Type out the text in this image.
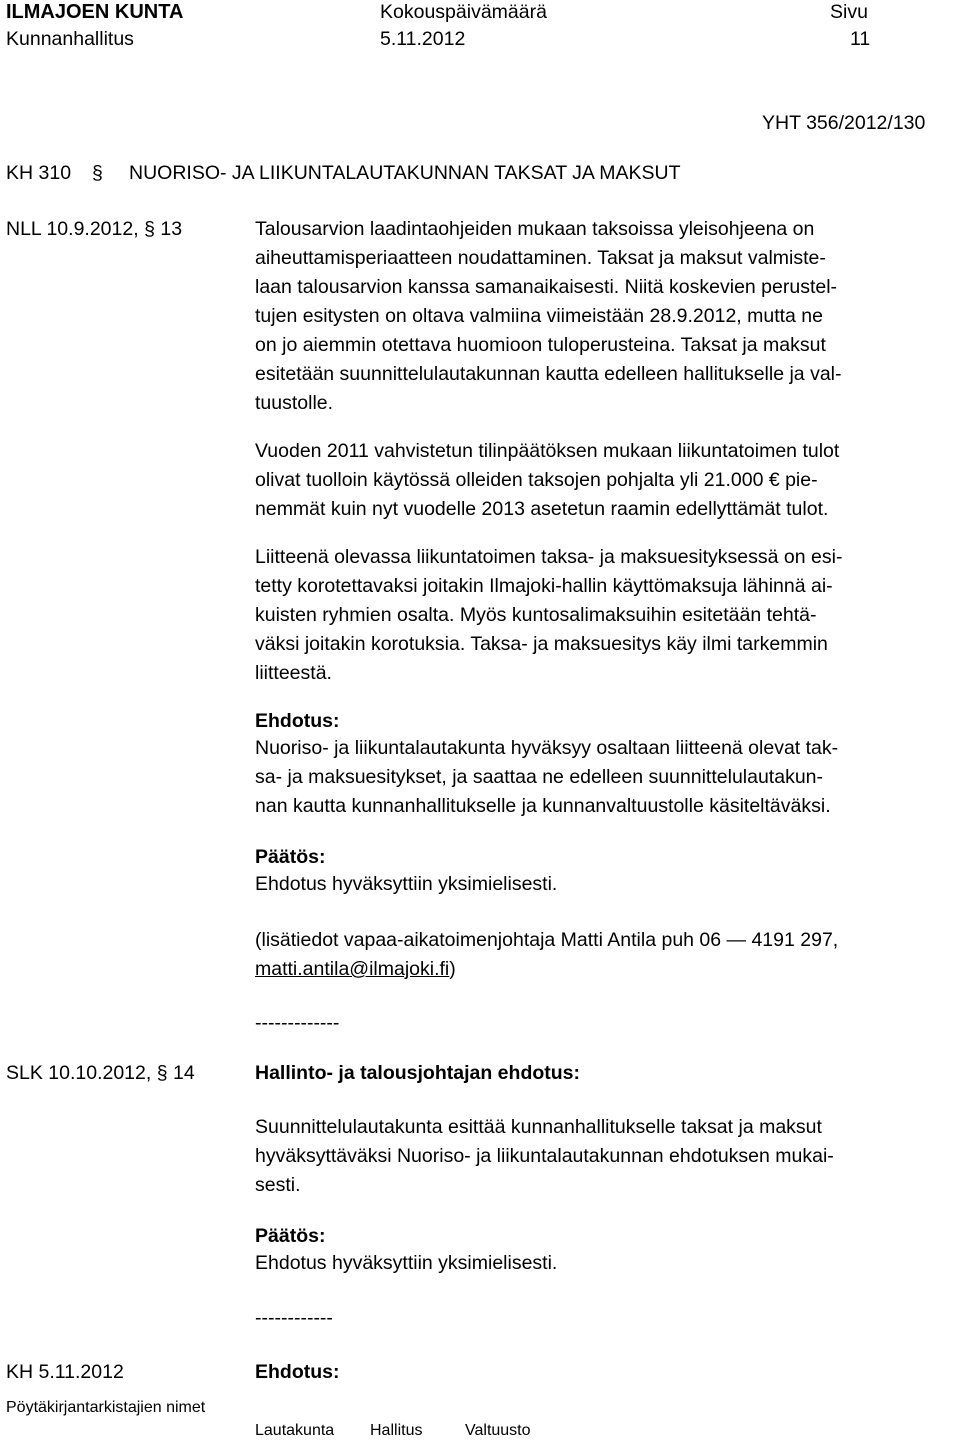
ILMAJOEN KUNTA
Kunnanhallitus
Kokouspäivämäärä
5.11.2012
Sivu
11
YHT 356/2012/130
KH 310 § NUORISO- JA LIIKUNTALAUTAKUNNAN TAKSAT JA MAKSUT
NLL 10.9.2012, § 13	Talousarvion laadintaohjeiden mukaan taksoissa yleisohjeena on

aiheuttamisperiaatteen noudattaminen. Taksat ja maksut valmiste-

laan talousarvion kanssa samanaikaisesti. Niitä koskevien perustel-

tujen esitysten on oltava valmiina viimeistään 28.9.2012, mutta ne

on jo aiemmin otettava huomioon tuloperusteina. Taksat ja maksut

esitetään suunnittelulautakunnan kautta edelleen hallitukselle ja val-

tuustolle.

Vuoden 2011 vahvistetun tilinpäätöksen mukaan liikuntatoimen tulot

olivat tuolloin käytössä olleiden taksojen pohjalta yli 21.000 € pie-

nemmät kuin nyt vuodelle 2013 asetetun raamin edellyttämät tulot.

Liitteenä olevassa liikuntatoimen taksa- ja maksuesityksessä on esi-

tetty korotettavaksi joitakin Ilmajoki-hallin käyttömaksuja lähinnä ai-

kuisten ryhmien osalta. Myös kuntosalimaksuihin esitetään tehtä-

väksi joitakin korotuksia. Taksa- ja maksuesitys käy ilmi tarkemmin

liitteestä.

Ehdotus:

Nuoriso- ja liikuntalautakunta hyväksyy osaltaan liitteenä olevat tak-

sa- ja maksuesitykset, ja saattaa ne edelleen suunnittelulautakun-

nan kautta kunnanhallitukselle ja kunnanvaltuustolle käsiteltäväksi.

Päätös:
Ehdotus hyväksyttiin yksimielisesti.

(lisätiedot vapaa-aikatoimenjohtaja Matti Antila puh 06 — 4191 297,

matti.antila@ilmajoki.fi)

-------------
SLK 10.10.2012, § 14	Hallinto- ja talousjohtajan ehdotus:

Suunnittelulautakunta esittää kunnanhallitukselle taksat ja maksut

hyväksyttäväksi Nuoriso- ja liikuntalautakunnan ehdotuksen mukai-

sesti.

Päätös:
Ehdotus hyväksyttiin yksimielisesti.
------------
KH 5.11.2012	Ehdotus:
Pöytäkirjantarkistajien nimet
Lautakunta Hallitus	Valtuusto
